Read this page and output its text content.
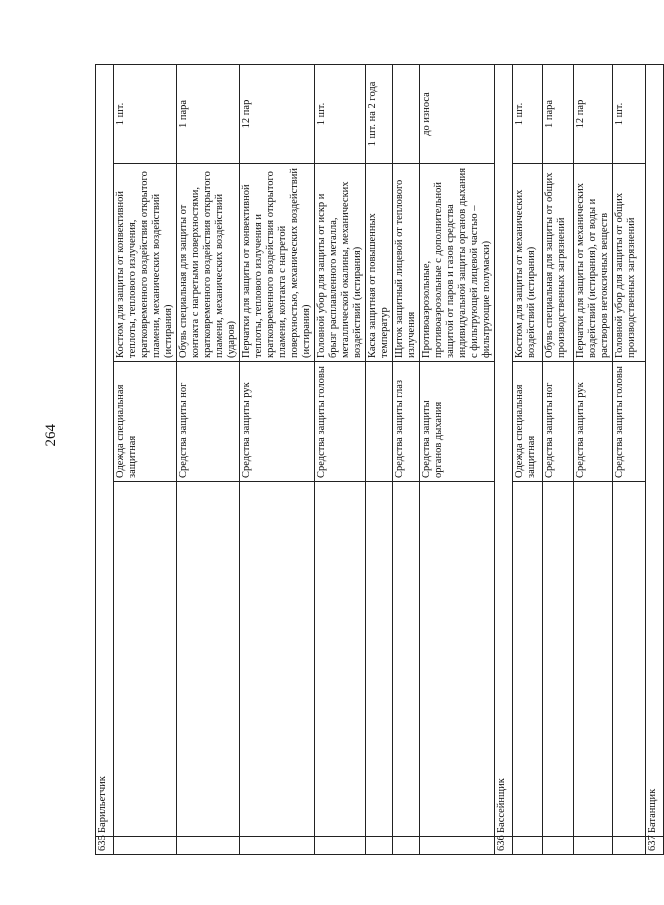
264
635	Барильетчик			
		Одежда специальная защитная	Костюм для защиты от конвективной теплоты, теплового излучения, кратковременного воздействия открытого пламени, механических воздействий (истирания)	1 шт.
		Средства защиты ног	Обувь специальная для защиты от контакта с нагретыми поверхностями, кратковременного воздействия открытого пламени, механических воздействий (ударов)	1 пара
		Средства защиты рук	Перчатки для защиты от конвективной теплоты, теплового излучения и кратковременного воздействия открытого пламени, контакта с нагретой поверхностью, механических воздействий (истирания)	12 пар
		Средства защиты головы	Головной убор для защиты от искр и брызг расплавленного металла, металлической окалины, механических воздействий (истирания)	1 шт.
			Каска защитная от повышенных температур	1 шт. на 2 года
		Средства защиты глаз	Щиток защитный лицевой от теплового излучения	
		Средства защиты органов дыхания	Противоаэрозольные, противоаэрозольные с дополнительной защитой от паров и газов средства индивидуальной защиты органов дыхания с фильтрующей лицевой частью – фильтрующие полумаски)	до износа
636	Бассейнщик			
		Одежда специальная защитная	Костюм для защиты от механических воздействий (истирания)	1 шт.
		Средства защиты ног	Обувь специальная для защиты от общих производственных загрязнений	1 пара
		Средства защиты рук	Перчатки для защиты от механических воздействий (истирания), от воды и растворов нетоксичных веществ	12 пар
		Средства защиты головы	Головной убор для защиты от общих производственных загрязнений	1 шт.
637	Батанщик			
